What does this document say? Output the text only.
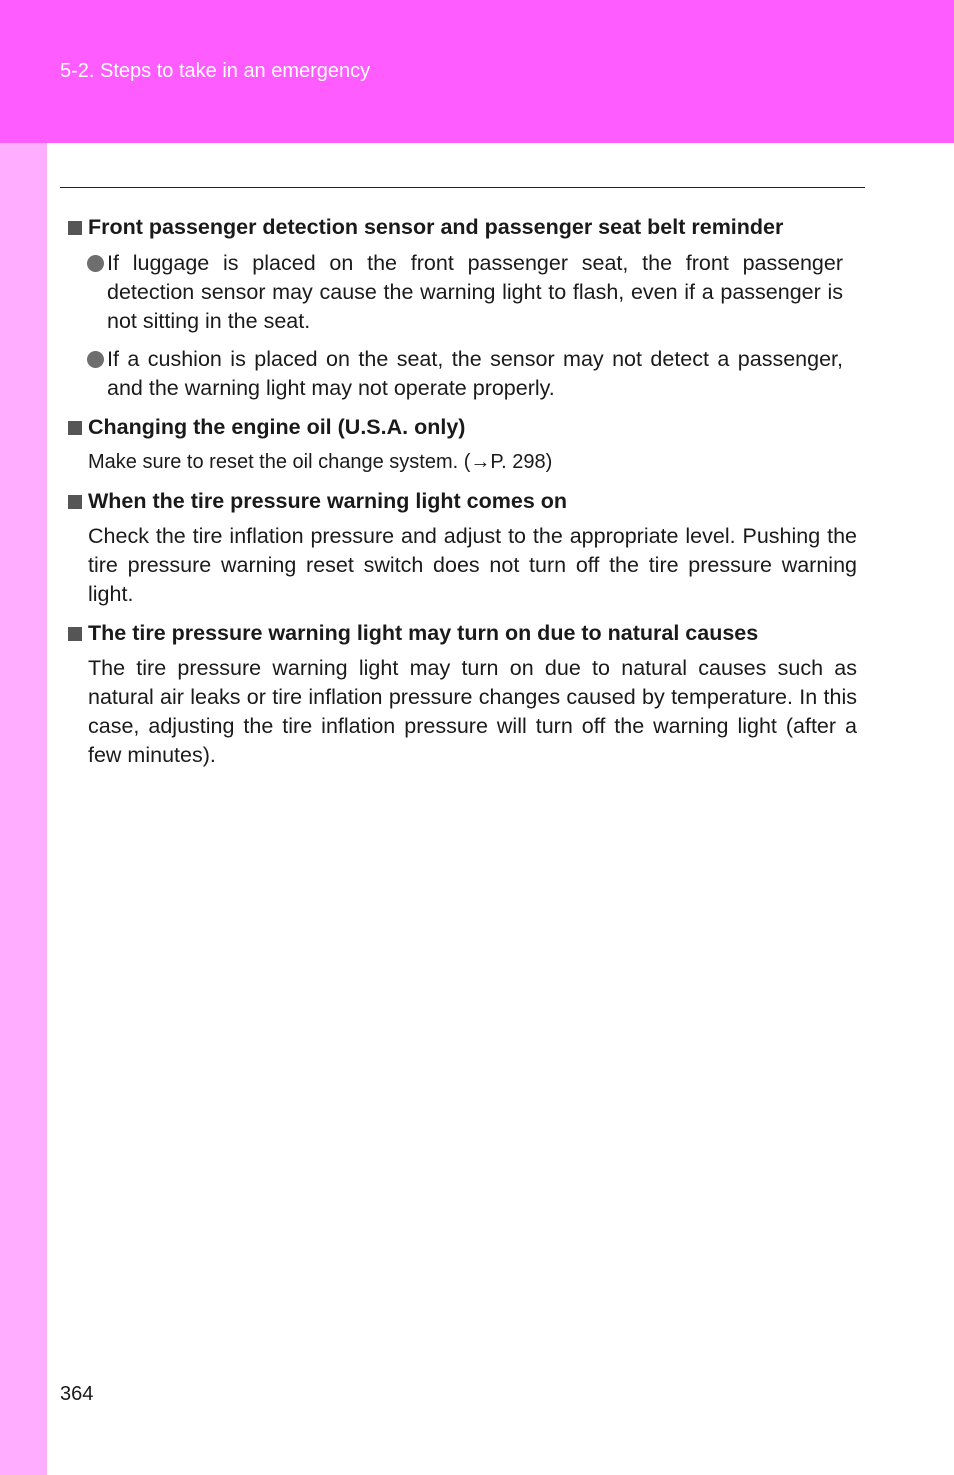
5-2. Steps to take in an emergency
Front passenger detection sensor and passenger seat belt reminder
If luggage is placed on the front passenger seat, the front passenger detection sensor may cause the warning light to flash, even if a passenger is not sitting in the seat.
If a cushion is placed on the seat, the sensor may not detect a passenger, and the warning light may not operate properly.
Changing the engine oil (U.S.A. only)
Make sure to reset the oil change system. (→P. 298)
When the tire pressure warning light comes on
Check the tire inflation pressure and adjust to the appropriate level. Pushing the tire pressure warning reset switch does not turn off the tire pressure warning light.
The tire pressure warning light may turn on due to natural causes
The tire pressure warning light may turn on due to natural causes such as natural air leaks or tire inflation pressure changes caused by temperature. In this case, adjusting the tire inflation pressure will turn off the warning light (after a few minutes).
364
